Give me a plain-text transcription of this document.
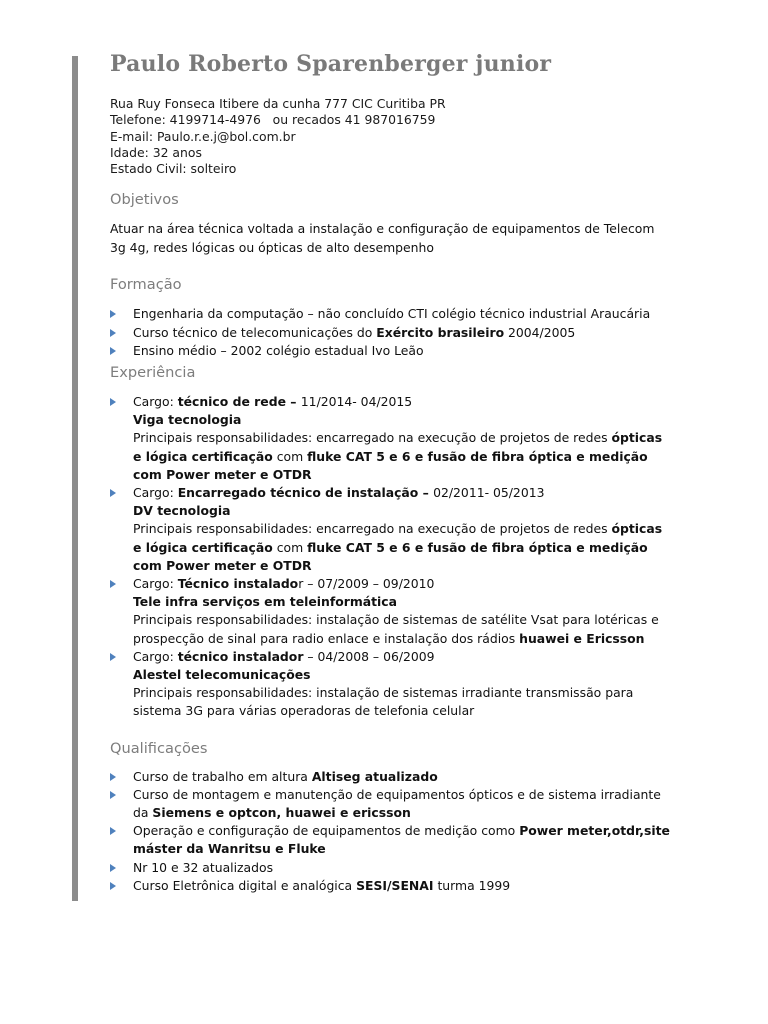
Paulo Roberto Sparenberger junior
Rua Ruy Fonseca Itibere da cunha 777 CIC Curitiba PR
Telefone: 4199714-4976   ou recados 41 987016759
E-mail: Paulo.r.e.j@bol.com.br
Idade: 32 anos
Estado Civil: solteiro
Objetivos
Atuar na área técnica voltada a instalação e configuração de equipamentos de Telecom 3g 4g, redes lógicas ou ópticas de alto desempenho
Formação
Engenharia da computação – não concluído CTI colégio técnico industrial Araucária
Curso técnico de telecomunicações do Exército brasileiro 2004/2005
Ensino médio – 2002 colégio estadual Ivo Leão
Experiência
Cargo: técnico de rede – 11/2014- 04/2015
Viga tecnologia
Principais responsabilidades: encarregado na execução de projetos de redes ópticas e lógica certificação com fluke CAT 5 e 6 e fusão de fibra óptica e medição com Power meter e OTDR
Cargo: Encarregado técnico de instalação – 02/2011- 05/2013
DV tecnologia
Principais responsabilidades: encarregado na execução de projetos de redes ópticas e lógica certificação com fluke CAT 5 e 6 e fusão de fibra óptica e medição com Power meter e OTDR
Cargo: Técnico instalador – 07/2009 – 09/2010
Tele infra serviços em teleinformática
Principais responsabilidades: instalação de sistemas de satélite Vsat para lotéricas e prospecção de sinal para radio enlace e instalação dos rádios huawei e Ericsson
Cargo: técnico instalador – 04/2008 – 06/2009
Alestel telecomunicações
Principais responsabilidades: instalação de sistemas irradiante transmissão para sistema 3G para várias operadoras de telefonia celular
Qualificações
Curso de trabalho em altura Altiseg atualizado
Curso de montagem e manutenção de equipamentos ópticos e de sistema irradiante da Siemens e optcon, huawei e ericsson
Operação e configuração de equipamentos de medição como Power meter,otdr,site máster da Wanritsu e Fluke
Nr 10 e 32 atualizados
Curso Eletrônica digital e analógica SESI/SENAI turma 1999
